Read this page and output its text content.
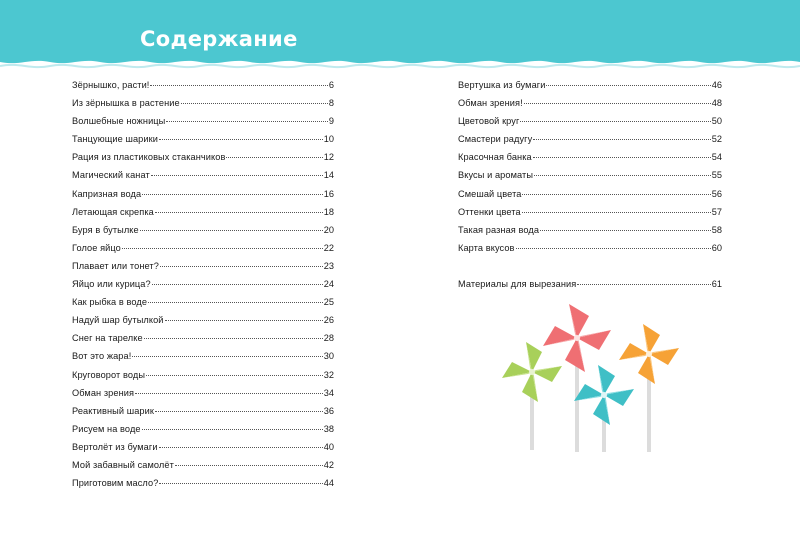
Содержание
Зёрнышко, расти!	6
Из зёрнышка в растение	8
Волшебные ножницы	9
Танцующие шарики	10
Рация из пластиковых стаканчиков	12
Магический канат	14
Капризная вода	16
Летающая скрепка	18
Буря в бутылке	20
Голое яйцо	22
Плавает или тонет?	23
Яйцо или курица?	24
Как рыбка в воде	25
Надуй шар бутылкой	26
Снег на тарелке	28
Вот это жара!	30
Круговорот воды	32
Обман зрения	34
Реактивный шарик	36
Рисуем на воде	38
Вертолёт из бумаги	40
Мой забавный самолёт	42
Приготовим масло?	44
Вертушка из бумаги	46
Обман зрения!	48
Цветовой круг	50
Смастери радугу	52
Красочная банка	54
Вкусы и ароматы	55
Смешай цвета	56
Оттенки цвета	57
Такая разная вода	58
Карта вкусов	60
Материалы для вырезания	61
